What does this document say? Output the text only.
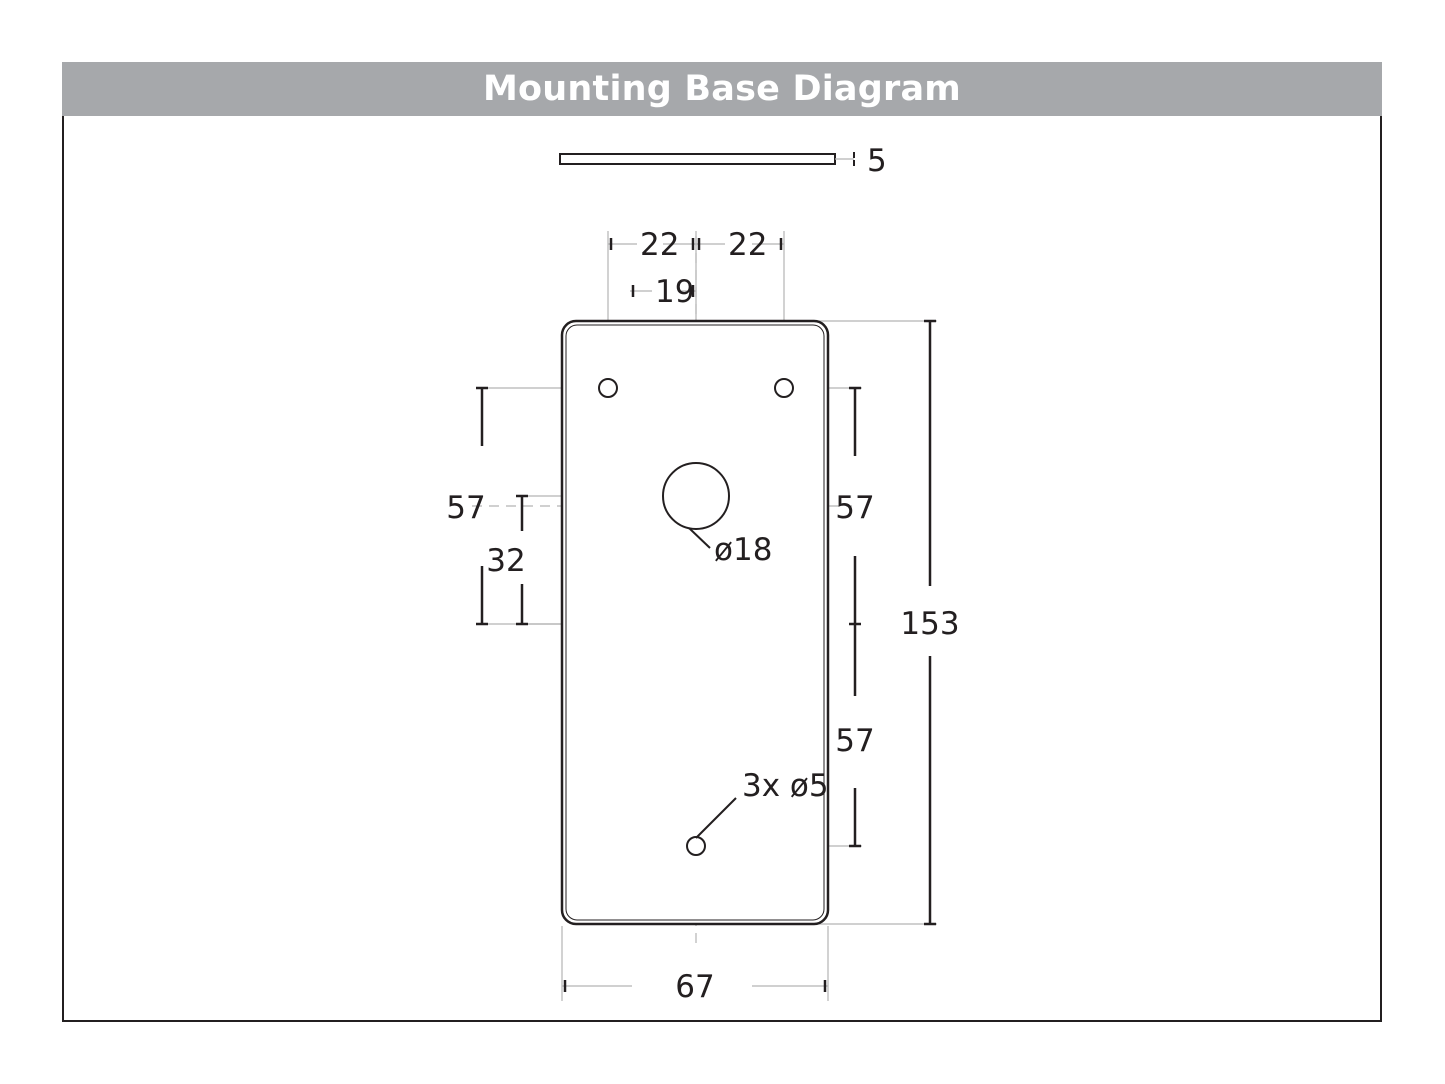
Mounting Base Diagram
5
22 22
19
57
32
57
57
153
67
ø18
3x ø5
